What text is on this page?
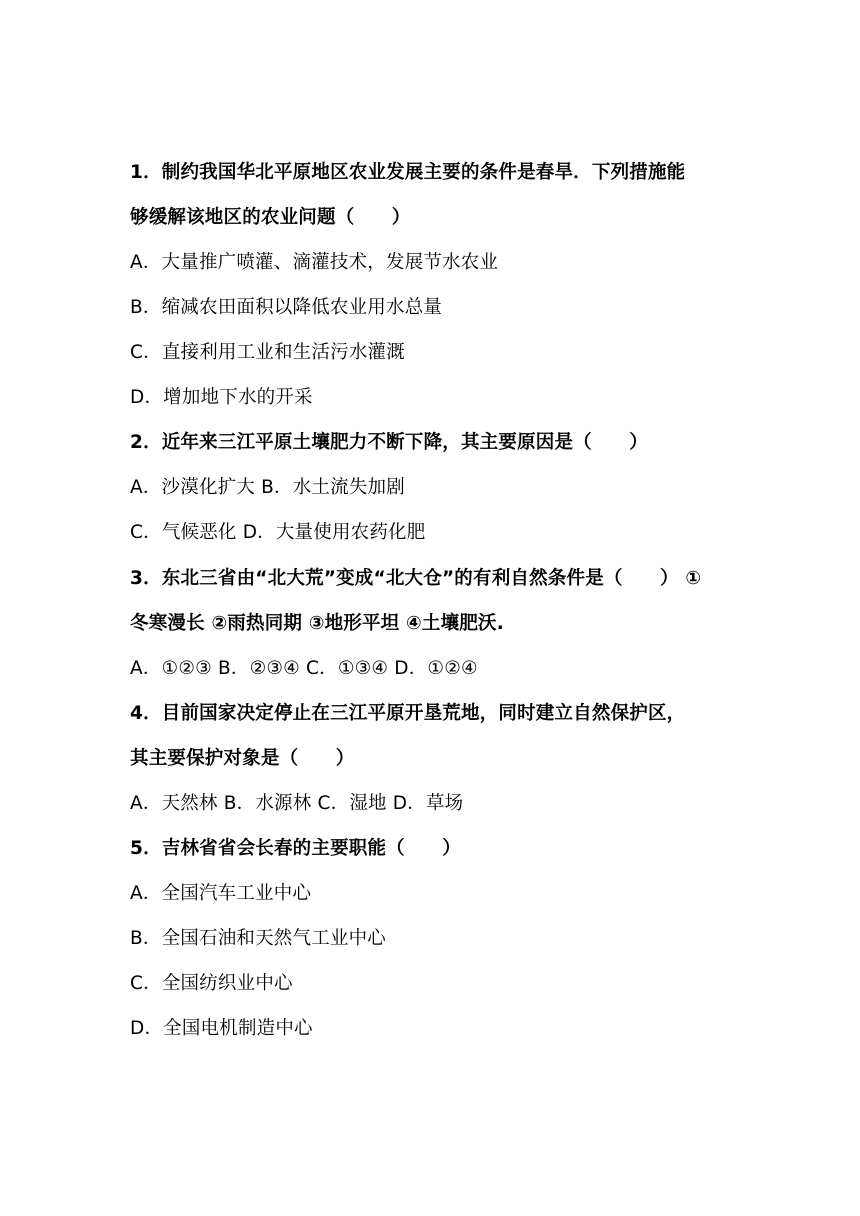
1．制约我国华北平原地区农业发展主要的条件是春旱．下列措施能
够缓解该地区的农业问题（　　）
A．大量推广喷灌、滴灌技术，发展节水农业
B．缩减农田面积以降低农业用水总量
C．直接利用工业和生活污水灌溉
D．增加地下水的开采
2．近年来三江平原土壤肥力不断下降，其主要原因是（　　）
A．沙漠化扩大 B．水土流失加剧
C．气候恶化 D．大量使用农药化肥
3．东北三省由“北大荒”变成“北大仓”的有利自然条件是（　　） ①
冬寒漫长 ②雨热同期 ③地形平坦 ④土壤肥沃.
A．①②③ B．②③④ C．①③④ D．①②④
4．目前国家决定停止在三江平原开垦荒地，同时建立自然保护区，
其主要保护对象是（　　）
A．天然林 B．水源林 C．湿地 D．草场
5．吉林省省会长春的主要职能（　　）
A．全国汽车工业中心
B．全国石油和天然气工业中心
C．全国纺织业中心
D．全国电机制造中心
